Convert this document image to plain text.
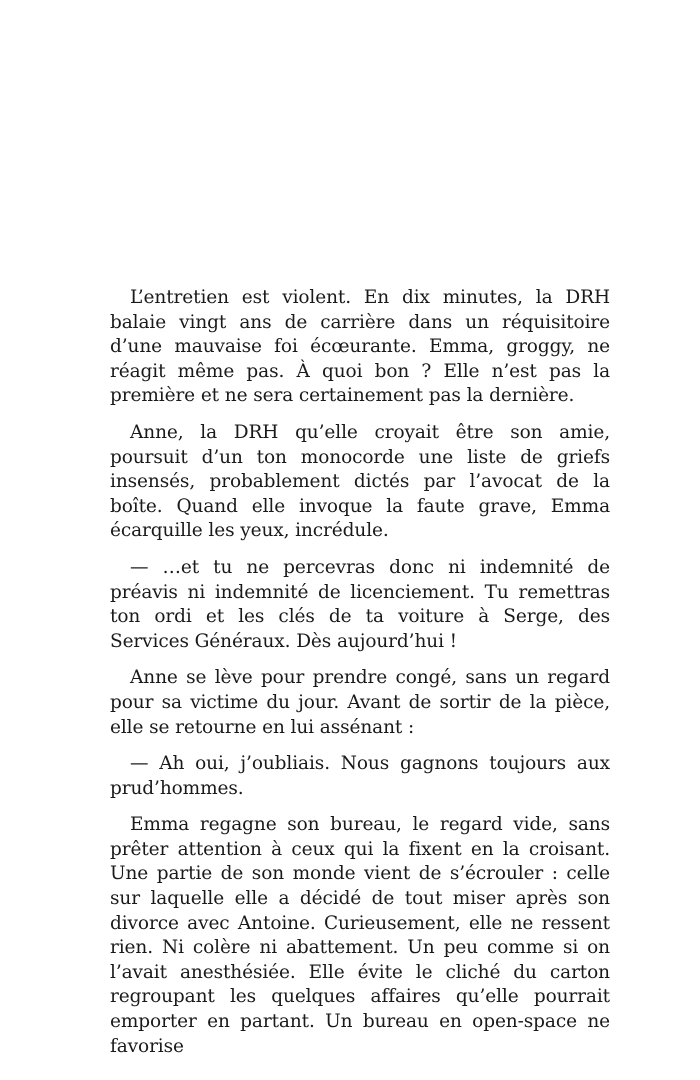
L’entretien est violent. En dix minutes, la DRH balaie vingt ans de carrière dans un réquisitoire d’une mauvaise foi écœurante. Emma, groggy, ne réagit même pas. À quoi bon ? Elle n’est pas la première et ne sera certainement pas la dernière.

Anne, la DRH qu’elle croyait être son amie, poursuit d’un ton monocorde une liste de griefs insensés, probablement dictés par l’avocat de la boîte. Quand elle invoque la faute grave, Emma écarquille les yeux, incrédule.

— …et tu ne percevras donc ni indemnité de préavis ni indemnité de licenciement. Tu remettras ton ordi et les clés de ta voiture à Serge, des Services Généraux. Dès aujourd’hui !

Anne se lève pour prendre congé, sans un regard pour sa victime du jour. Avant de sortir de la pièce, elle se retourne en lui assénant :

— Ah oui, j’oubliais. Nous gagnons toujours aux prud’hommes.

Emma regagne son bureau, le regard vide, sans prêter attention à ceux qui la fixent en la croisant. Une partie de son monde vient de s’écrouler : celle sur laquelle elle a décidé de tout miser après son divorce avec Antoine. Curieusement, elle ne ressent rien. Ni colère ni abattement. Un peu comme si on l’avait anesthésiée. Elle évite le cliché du carton regroupant les quelques affaires qu’elle pourrait emporter en partant. Un bureau en open-space ne favorise
